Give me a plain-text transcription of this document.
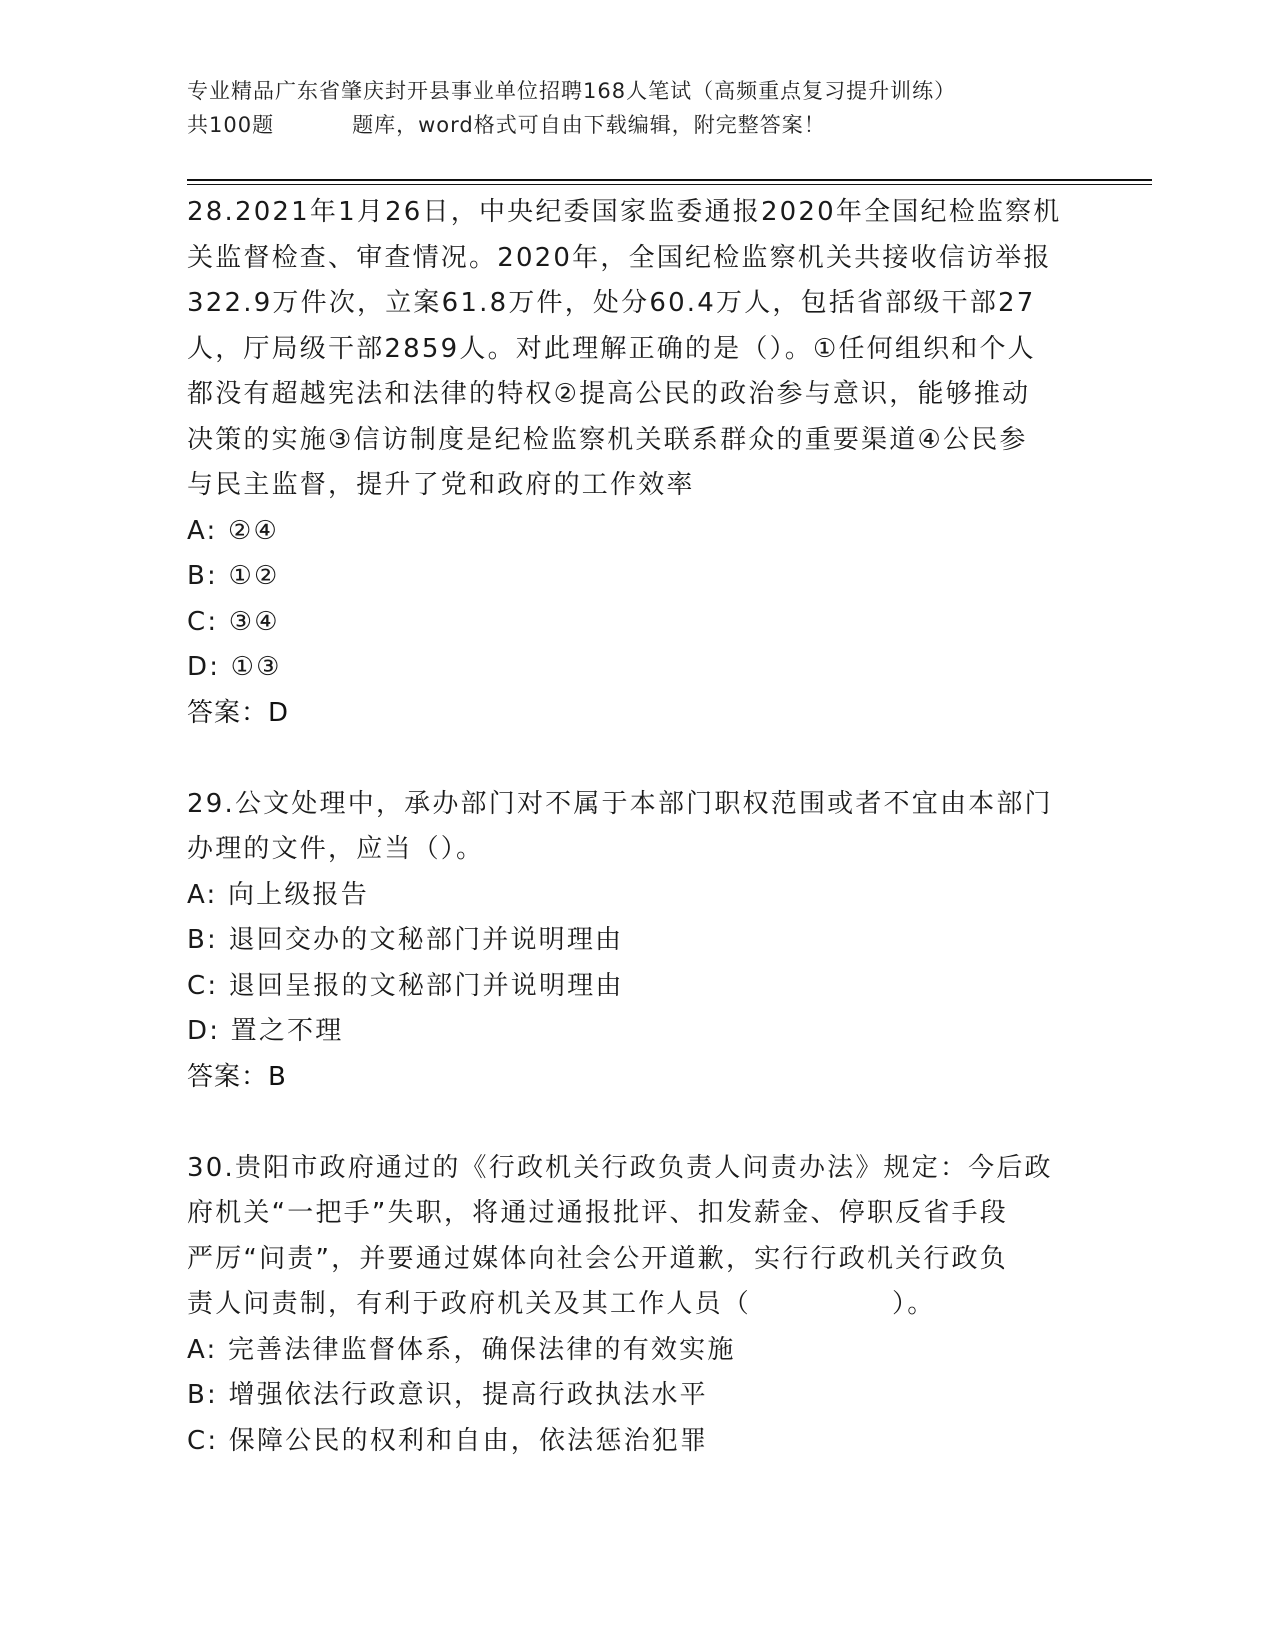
专业精品广东省肇庆封开县事业单位招聘168人笔试（高频重点复习提升训练）
共100题	题库，word格式可自由下载编辑，附完整答案！
28.2021年1月26日，中央纪委国家监委通报2020年全国纪检监察机
关监督检查、审查情况。2020年，全国纪检监察机关共接收信访举报
322.9万件次，立案61.8万件，处分60.4万人，包括省部级干部27
人，厅局级干部2859人。对此理解正确的是（）。①任何组织和个人
都没有超越宪法和法律的特权②提高公民的政治参与意识，能够推动
决策的实施③信访制度是纪检监察机关联系群众的重要渠道④公民参
与民主监督，提升了党和政府的工作效率
A: ②④
B: ①②
C: ③④
D: ①③
答案：D
29.公文处理中，承办部门对不属于本部门职权范围或者不宜由本部门
办理的文件，应当（）。
A: 向上级报告
B: 退回交办的文秘部门并说明理由
C: 退回呈报的文秘部门并说明理由
D: 置之不理
答案：B
30.贵阳市政府通过的《行政机关行政负责人问责办法》规定：今后政
府机关“一把手”失职，将通过通报批评、扣发薪金、停职反省手段
严厉“问责”，并要通过媒体向社会公开道歉，实行行政机关行政负
责人问责制，有利于政府机关及其工作人员（　　　　　）。
A: 完善法律监督体系，确保法律的有效实施
B: 增强依法行政意识，提高行政执法水平
C: 保障公民的权利和自由，依法惩治犯罪
